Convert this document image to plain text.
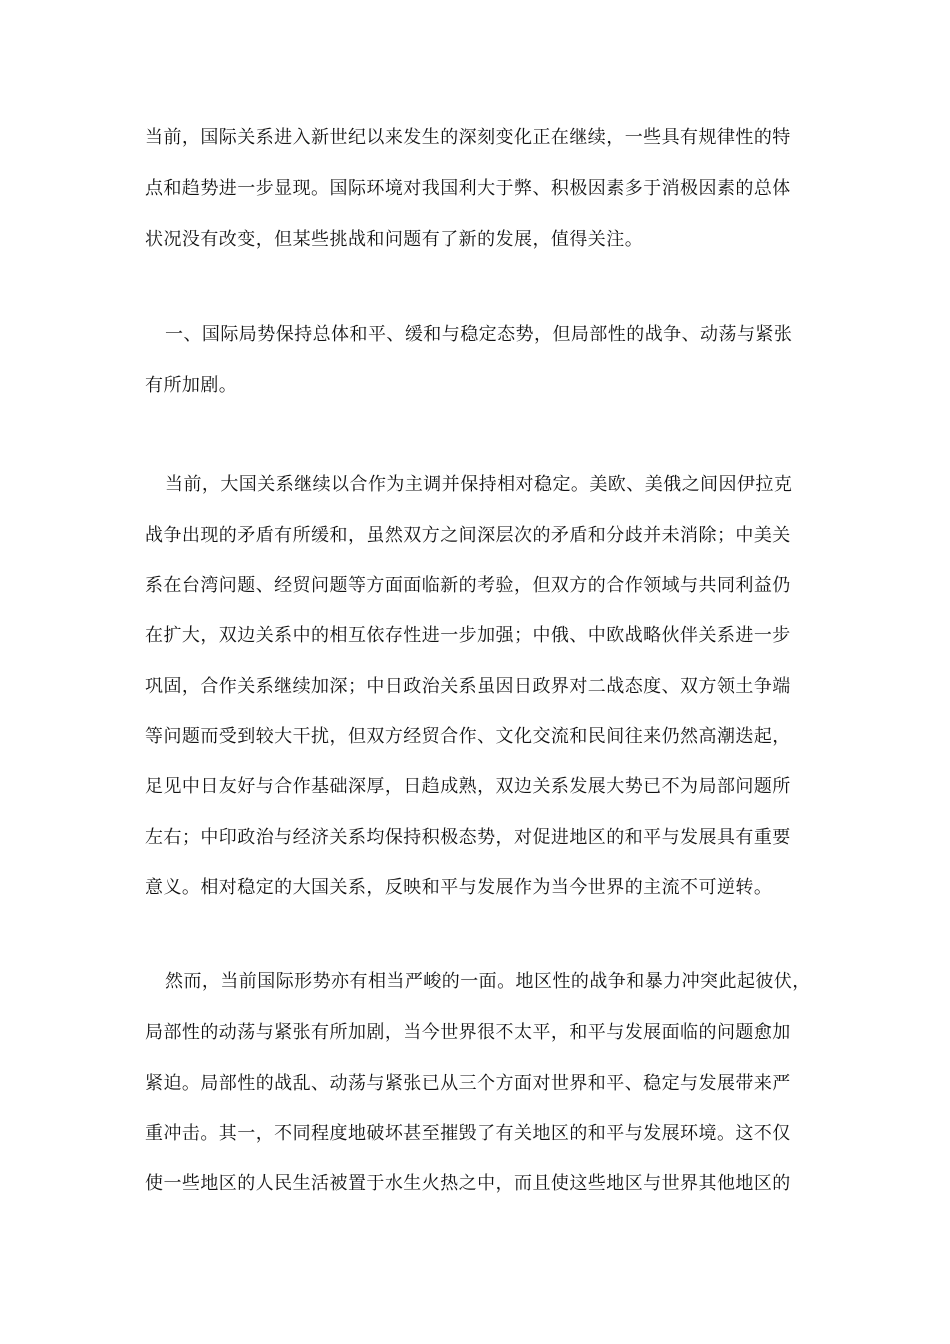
当前，国际关系进入新世纪以来发生的深刻变化正在继续，一些具有规律性的特
点和趋势进一步显现。国际环境对我国利大于弊、积极因素多于消极因素的总体
状况没有改变，但某些挑战和问题有了新的发展，值得关注。
一、国际局势保持总体和平、缓和与稳定态势，但局部性的战争、动荡与紧张
有所加剧。
当前，大国关系继续以合作为主调并保持相对稳定。美欧、美俄之间因伊拉克
战争出现的矛盾有所缓和，虽然双方之间深层次的矛盾和分歧并未消除；中美关
系在台湾问题、经贸问题等方面面临新的考验，但双方的合作领域与共同利益仍
在扩大，双边关系中的相互依存性进一步加强；中俄、中欧战略伙伴关系进一步
巩固，合作关系继续加深；中日政治关系虽因日政界对二战态度、双方领土争端
等问题而受到较大干扰，但双方经贸合作、文化交流和民间往来仍然高潮迭起，
足见中日友好与合作基础深厚，日趋成熟，双边关系发展大势已不为局部问题所
左右；中印政治与经济关系均保持积极态势，对促进地区的和平与发展具有重要
意义。相对稳定的大国关系，反映和平与发展作为当今世界的主流不可逆转。
然而，当前国际形势亦有相当严峻的一面。地区性的战争和暴力冲突此起彼伏，
局部性的动荡与紧张有所加剧，当今世界很不太平，和平与发展面临的问题愈加
紧迫。局部性的战乱、动荡与紧张已从三个方面对世界和平、稳定与发展带来严
重冲击。其一，不同程度地破坏甚至摧毁了有关地区的和平与发展环境。这不仅
使一些地区的人民生活被置于水生火热之中，而且使这些地区与世界其他地区的
